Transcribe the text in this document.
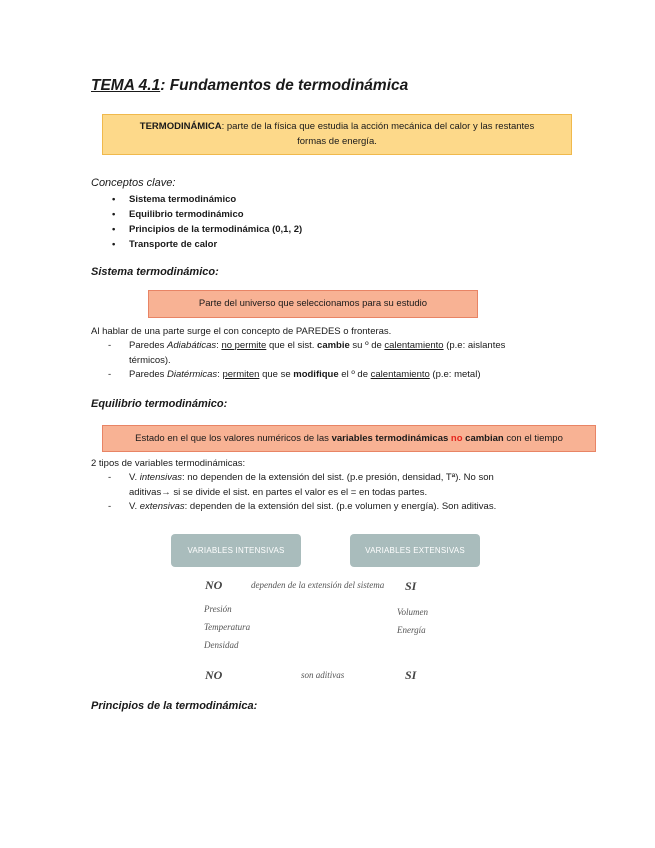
TEMA 4.1: Fundamentos de termodinámica
TERMODINÁMICA: parte de la física que estudia la acción mecánica del calor y las restantes
formas de energía.
Conceptos clave:
• Sistema termodinámico
• Equilibrio termodinámico
• Principios de la termodinámica (0,1, 2)
• Transporte de calor
Sistema termodinámico:
Parte del universo que seleccionamos para su estudio
Al hablar de una parte surge el con concepto de PAREDES o fronteras.
- Paredes Adiabáticas: no permite que el sist. cambie su º de calentamiento (p.e: aislantes
térmicos).
- Paredes Diatérmicas: permiten que se modifique el º de calentamiento (p.e: metal)
Equilibrio termodinámico:
Estado en el que los valores numéricos de las variables termodinámicas no cambian con el tiempo
2 tipos de variables termodinámicas:
- V. intensivas: no dependen de la extensión del sist. (p.e presión, densidad, Tª). No son
aditivas→ si se divide el sist. en partes el valor es el = en todas partes.
- V. extensivas: dependen de la extensión del sist. (p.e volumen y energía). Son aditivas.
VARIABLES INTENSIVAS	VARIABLES EXTENSIVAS
NO	dependen de la extensión del sistema SI
Presión
Temperatura
Densidad
Volumen
Energía
NO	son aditivas	SI
Principios de la termodinámica:
